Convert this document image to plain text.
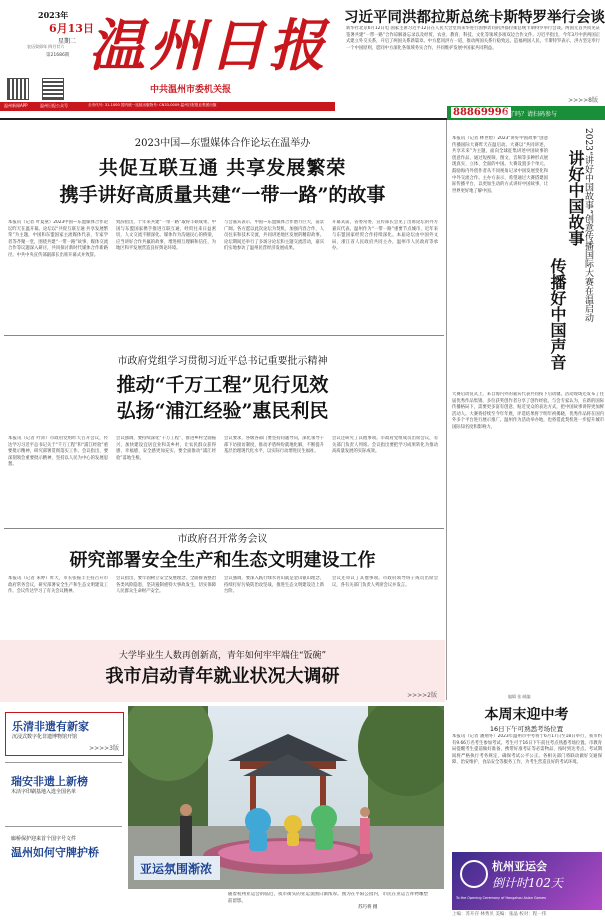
2023年
6月13日
星期二
农历癸卯年 四月廿六
第21686期 温州日报
中共温州市委机关报
温州新闻APP	温州日报公众号	全市代号: 31-1000 国内统一连续出版物号: CN33-0009 温州日报报业集团出版
习近平同洪都拉斯总统卡斯特罗举行会谈
新华社北京6月12日电 国家主席习近平12日在人民大会堂同来华进行国事访问的洪都拉斯总统卡斯特罗举行会谈。两国元首共同见证签署共建“一带一路”合作谅解备忘录以及经贸、农业、教育、科技、文化等领域多项双边合作文件。习近平指出，今年3月中洪两国正式建立外交关系，开启了两国关系新篇章。中方愿同洪方一道，推动两国关系行稳致远，造福两国人民。卡斯特罗表示，洪方坚定奉行一个中国原则，愿同中方深化各领域务实合作，共同维护发展中国家共同利益。
>>>>8版
2023中国—东盟媒体合作论坛在温举办
共促互联互通 共享发展繁荣
携手讲好高质量共建“一带一路”的故事
本报讯（记者 叶夏黛）2023中国—东盟媒体合作论坛昨天在温开幕。论坛以“共促互联互通 共享发展繁荣”为主题，中国和东盟国家主流媒体代表、专家学者等齐聚一堂，围绕共建“一带一路”故事、媒体交流合作等议题深入研讨，共同探讨新时代媒体合作新路径。中共中央宣传部副部长出席开幕式并致辞。
致辞指出，十年来共建“一带一路”取得丰硕成果，中国与东盟国家携手推进互联互通，经贸往来日益密切，人文交流不断深化。媒体作为沟通民心的桥梁，应当讲好合作共赢的故事，增进相互理解和信任，为地区和平发展营造良好舆论环境。
与会嘉宾表示，中国—东盟媒体合作潜力巨大，前景广阔。各方愿以此次论坛为契机，加强内容合作、人员往来和技术交流，共同讲述地区发展的精彩故事。论坛期间还举行了多场分论坛和主题交流活动，嘉宾们实地参访了温州民营经济发展成果。
开幕式前，省委常委、宣传部长会见了出席论坛的外方嘉宾代表。温州作为“一带一路”重要节点城市，近年来与东盟国家经贸合作持续深化。本届论坛由中国外文局、浙江省人民政府共同主办，温州市人民政府等承办。
88869996
做了吗？请扫码参与
本报讯（记者 林世碧）2023“讲好中国故事”创意传播国际大赛昨天在温启动。大赛以“共同讲述，共享未来”为主题，面向全球征集讲述中国故事的创意作品，通过短视频、图文、音频等多种形式展现真实、立体、全面的中国。大赛设置多个单元，鼓励海内外创作者从不同视角记录中国发展变化和中外交流合作。主办方表示，希望通过大赛搭建国际传播平台，以更加生动的方式讲好中国故事，让世界更好地了解中国。	2023“讲好中国故事”创意传播国际大赛在温启动
讲好中国故事
传播好中国声音
大赛启动仪式上，来自海内外的嘉宾代表共同按下启动键。活动现场还发布了往届优秀作品集锦，多位获奖创作者分享了创作经验。与会专家认为，在新的国际传播格局下，需要更多富有创意、贴近受众的表达方式，把中国故事讲得更加鲜活动人。大赛将持续至今年年底，评选结果将于明年初揭晓，优秀作品将在国内外多个平台进行展示推广。温州作为活动举办地，也将借此契机进一步提升城市国际知名度和影响力。
编辑 张 邮编
市政府党组学习贯彻习近平总书记重要批示精神
推动“千万工程”见行见效
弘扬“浦江经验”惠民利民
本报讯（记者 叶沛）市政府党组昨天召开会议，传达学习习近平总书记关于“千万工程”和“浦江经验”重要批示精神，研究部署贯彻落实工作。会议指出，要深刻领会重要批示精神，坚持以人民为中心的发展思想。
会议强调，要持续深化“千万工程”，推进乡村全面振兴，加快建设宜居宜业和美乡村，让农民群众获得感、幸福感、安全感更加充实。要全面推动“浦江经验”落地生根。
会议要求，各级各部门要坚持问题导向，深化领导干部下访接访制度，推动矛盾纠纷就地化解，不断提升基层治理现代化水平，以实际行动增进民生福祉。
会议还研究了其他事项。市政府党组成员出席会议，有关部门负责人列席。会议指出要把学习成果转化为推动高质量发展的实际成效。
市政府召开常务会议
研究部署安全生产和生态文明建设工作
本报讯（记者 朱婷）昨天，市长张振丰主持召开市政府常务会议，研究部署安全生产和生态文明建设工作。会议传达学习了有关会议精神。
会议指出，要牢固树立安全发展理念，全面排查整治各类风险隐患，坚决遏制重特大事故发生，切实保障人民群众生命财产安全。
会议强调，要深入践行绿水青山就是金山银山理念，持续打好污染防治攻坚战，推进生态文明建设迈上新台阶。
会议还审议了其他事项。市政府领导班子成员出席会议，各有关部门负责人列席会议并发言。
大学毕业生人数再创新高，青年如何牢牢端住“饭碗”
我市启动青年就业状况大调研
>>>>2版
本周末迎中考
16日下午可熟悉考场位置
本报讯（记者 潘翔冬）2023年温州市中考将于6月17日至18日举行，我市约有9.66万名考生参加考试。考生可于16日下午前往考点熟悉考场位置。市教育局提醒考生提前做好准备，携带好准考证等必需物品，按时到达考点。考试期间将严格执行考务规定，确保考试公平公正。各相关部门将联动做好交通保障、治安维护、食品安全等服务工作，为考生营造良好的考试环境。
乐清非遗有新家
沉浸式数字化非遗博物馆开馆
>>>>3版
瑞安非遗上新榜
木活字印刷基地入选全国名单
廊桥保护迎来首个国字号文件
温州如何守牌护桥
亚运氛围渐浓
随着杭州亚运会的临近，夜市街头的亚运氛围日渐浓厚。图为在平阳公园内，市民在亚运吉祥物雕塑前留影。
苏巧将 摄
杭州亚运会
倒计时102天
To the Opening Ceremony of Hangzhou Asian Games
上编：苏开存 林秀贝 美编：张晶 校对：程一伟
